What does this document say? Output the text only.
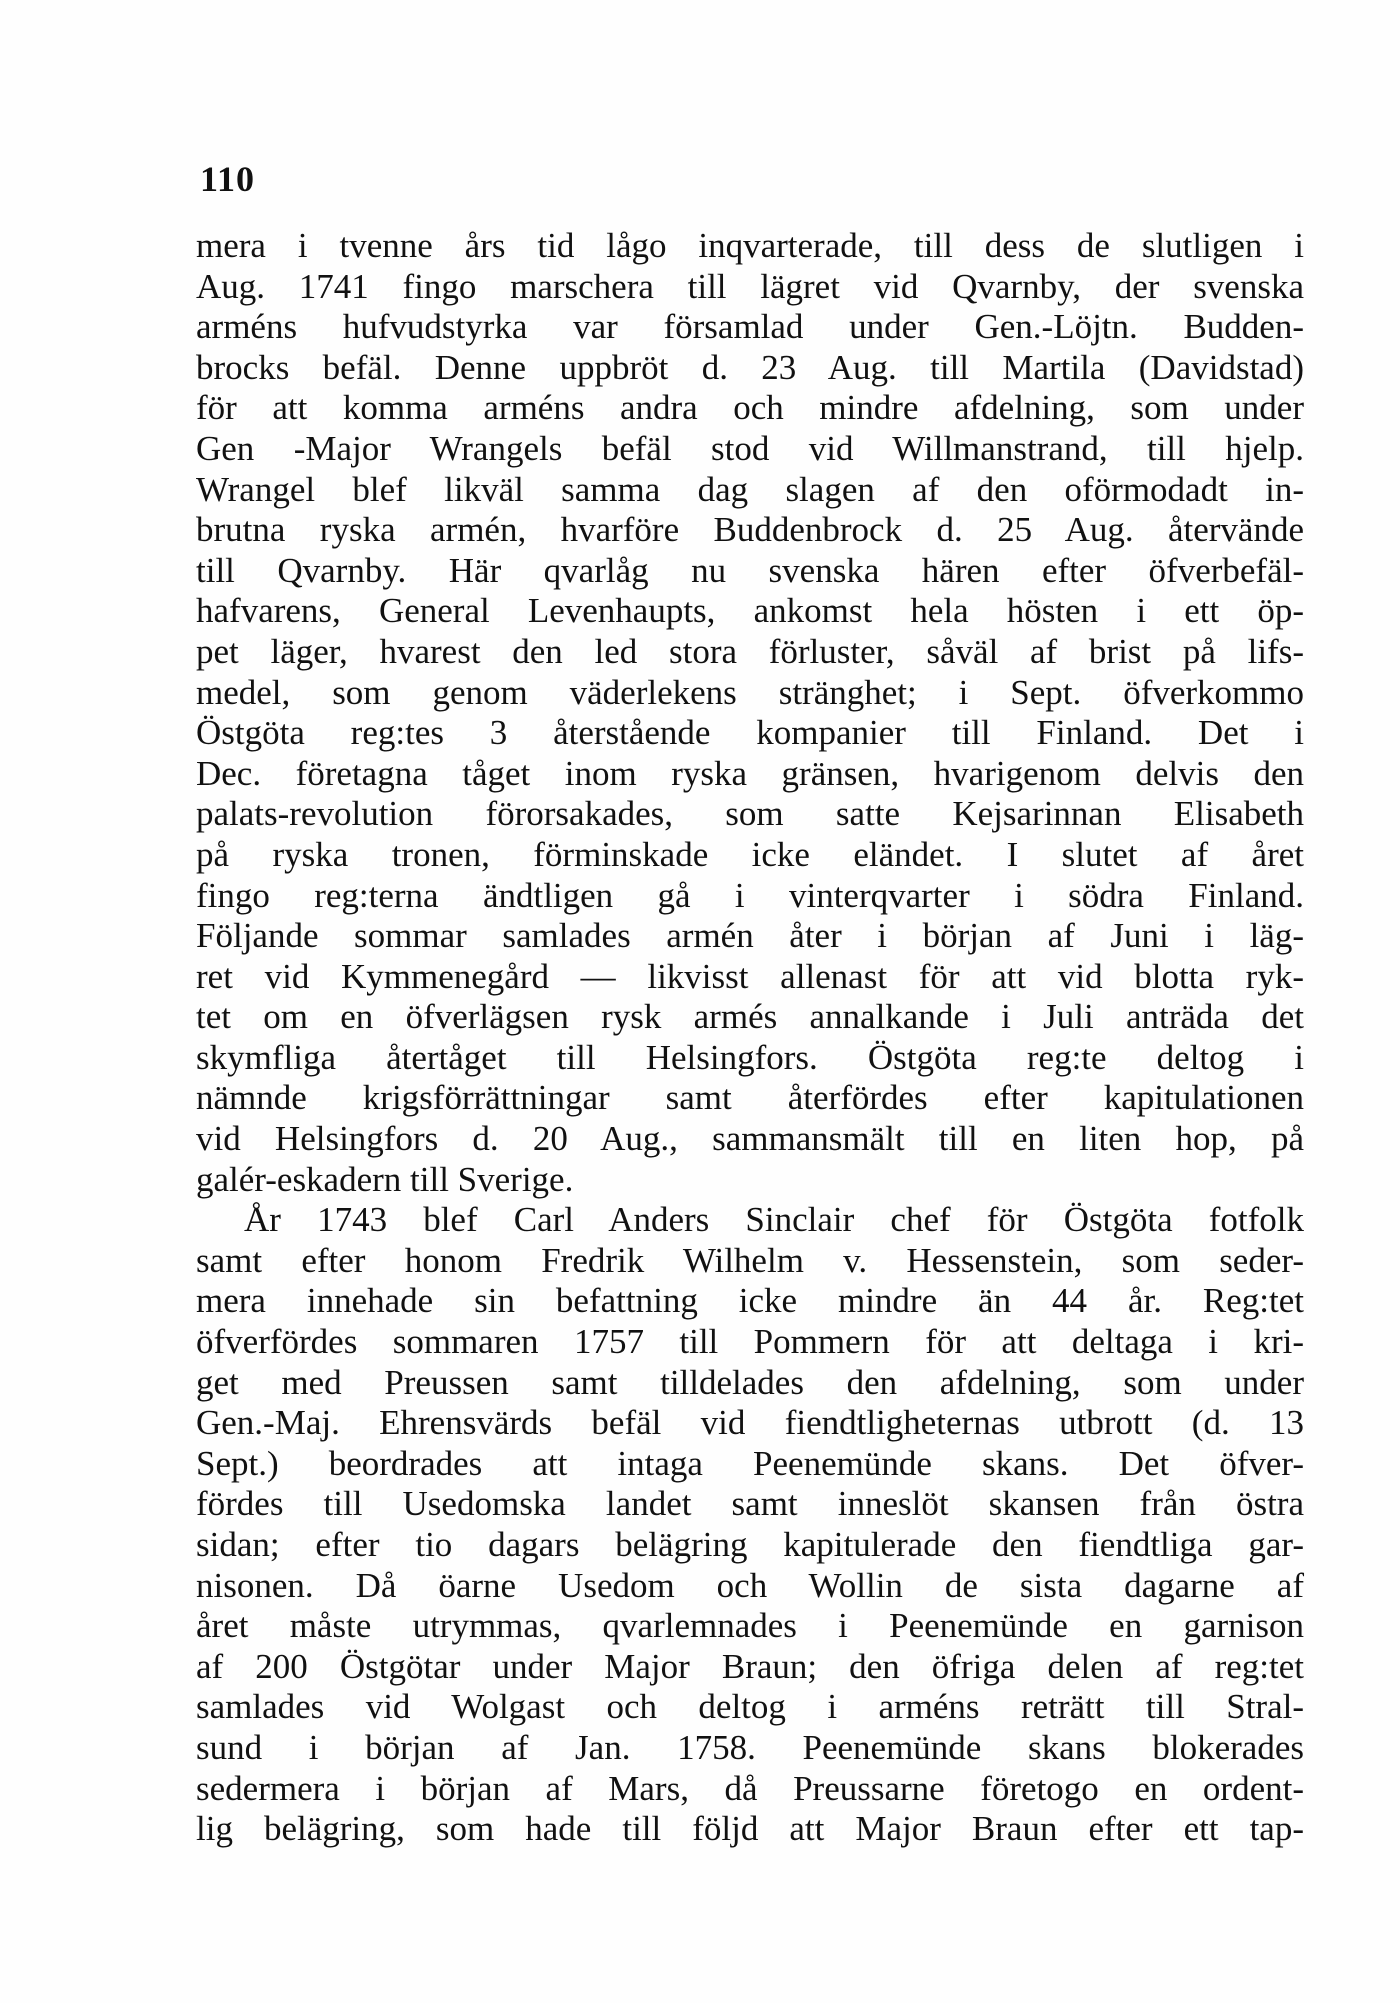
110
mera i tvenne års tid lågo inqvarterade, till dess de slutligen i
Aug. 1741 fingo marschera till lägret vid Qvarnby, der svenska
arméns hufvudstyrka var församlad under Gen.-Löjtn. Budden-
brocks befäl. Denne uppbröt d. 23 Aug. till Martila (Davidstad)
för att komma arméns andra och mindre afdelning, som under
Gen -Major Wrangels befäl stod vid Willmanstrand, till hjelp.
Wrangel blef likväl samma dag slagen af den oförmodadt in-
brutna ryska armén, hvarföre Buddenbrock d. 25 Aug. återvände
till Qvarnby. Här qvarlåg nu svenska hären efter öfverbefäl-
hafvarens, General Levenhaupts, ankomst hela hösten i ett öp-
pet läger, hvarest den led stora förluster, såväl af brist på lifs-
medel, som genom väderlekens stränghet; i Sept. öfverkommo
Östgöta reg:tes 3 återstående kompanier till Finland. Det i
Dec. företagna tåget inom ryska gränsen, hvarigenom delvis den
palats-revolution förorsakades, som satte Kejsarinnan Elisabeth
på ryska tronen, förminskade icke eländet. I slutet af året
fingo reg:terna ändtligen gå i vinterqvarter i södra Finland.
Följande sommar samlades armén åter i början af Juni i läg-
ret vid Kymmenegård — likvisst allenast för att vid blotta ryk-
tet om en öfverlägsen rysk armés annalkande i Juli anträda det
skymfliga återtåget till Helsingfors. Östgöta reg:te deltog i
nämnde krigsförrättningar samt återfördes efter kapitulationen
vid Helsingfors d. 20 Aug., sammansmält till en liten hop, på
galér-eskadern till Sverige.
År 1743 blef Carl Anders Sinclair chef för Östgöta fotfolk
samt efter honom Fredrik Wilhelm v. Hessenstein, som seder-
mera innehade sin befattning icke mindre än 44 år. Reg:tet
öfverfördes sommaren 1757 till Pommern för att deltaga i kri-
get med Preussen samt tilldelades den afdelning, som under
Gen.-Maj. Ehrensvärds befäl vid fiendtligheternas utbrott (d. 13
Sept.) beordrades att intaga Peenemünde skans. Det öfver-
fördes till Usedomska landet samt inneslöt skansen från östra
sidan; efter tio dagars belägring kapitulerade den fiendtliga gar-
nisonen. Då öarne Usedom och Wollin de sista dagarne af
året måste utrymmas, qvarlemnades i Peenemünde en garnison
af 200 Östgötar under Major Braun; den öfriga delen af reg:tet
samlades vid Wolgast och deltog i arméns reträtt till Stral-
sund i början af Jan. 1758. Peenemünde skans blokerades
sedermera i början af Mars, då Preussarne företogo en ordent-
lig belägring, som hade till följd att Major Braun efter ett tap-
